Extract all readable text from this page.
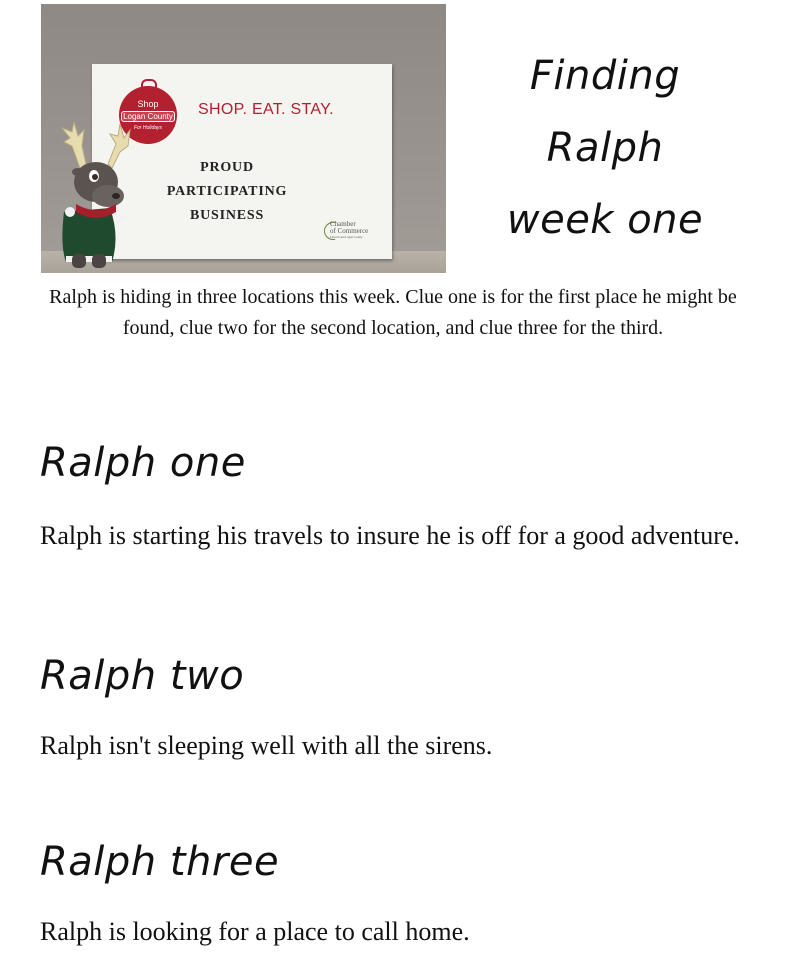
Shop
Logan County
For Holidays
SHOP. EAT. STAY.
PROUD
PARTICIPATING
BUSINESS
Chamber
of Commerce
Lincoln and Logan County
Finding
Ralph
week one
Ralph is hiding in three locations this week. Clue one is for the first place he might be found, clue two for the second location, and clue three for the third.
Ralph one
Ralph is starting his travels to insure he is off for a good adventure.
Ralph two
Ralph isn't sleeping well with all the sirens.
Ralph three
Ralph is looking for a place to call home.
